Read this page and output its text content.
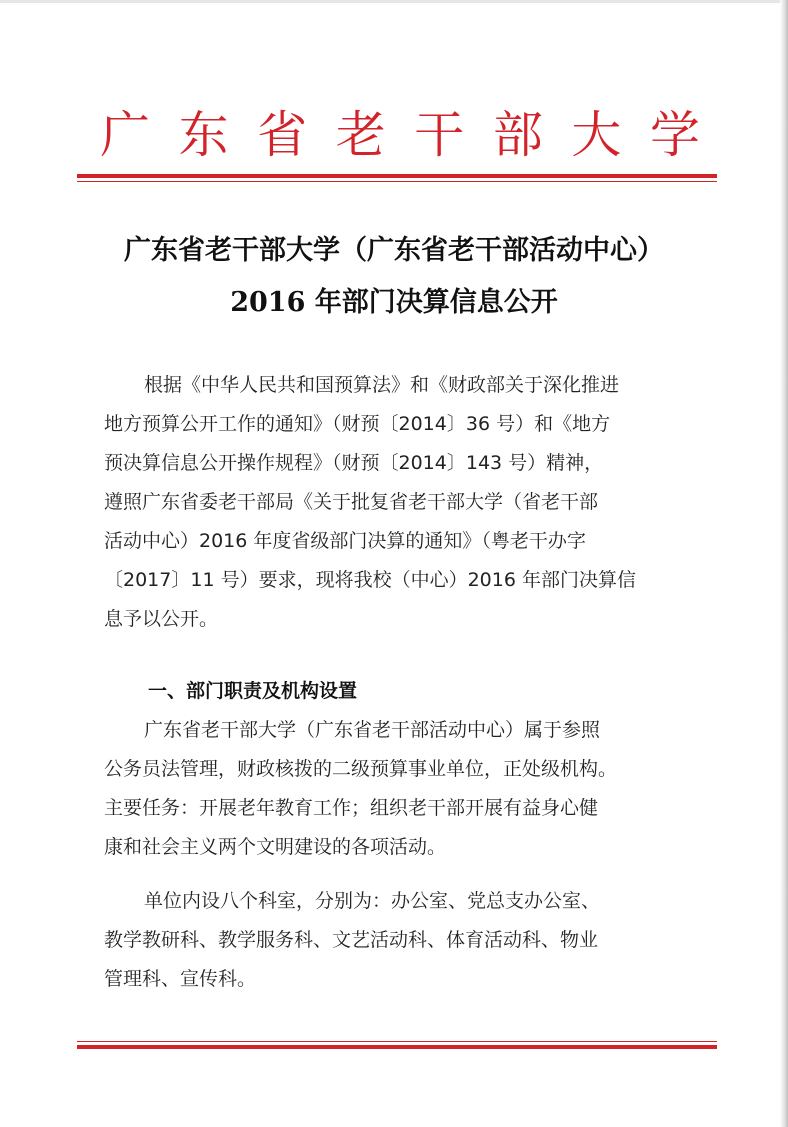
广 东 省 老 干 部 大 学
广东省老干部大学（广东省老干部活动中心）
2016 年部门决算信息公开
根据《中华人民共和国预算法》和《财政部关于深化推进
地方预算公开工作的通知》（财预〔2014〕36 号）和《地方
预决算信息公开操作规程》（财预〔2014〕143 号）精神，
遵照广东省委老干部局《关于批复省老干部大学（省老干部
活动中心）2016 年度省级部门决算的通知》（粤老干办字
〔2017〕11 号）要求，现将我校（中心）2016 年部门决算信
息予以公开。
一、部门职责及机构设置
广东省老干部大学（广东省老干部活动中心）属于参照
公务员法管理，财政核拨的二级预算事业单位，正处级机构。
主要任务：开展老年教育工作；组织老干部开展有益身心健
康和社会主义两个文明建设的各项活动。
单位内设八个科室，分别为：办公室、党总支办公室、
教学教研科、教学服务科、文艺活动科、体育活动科、物业
管理科、宣传科。
